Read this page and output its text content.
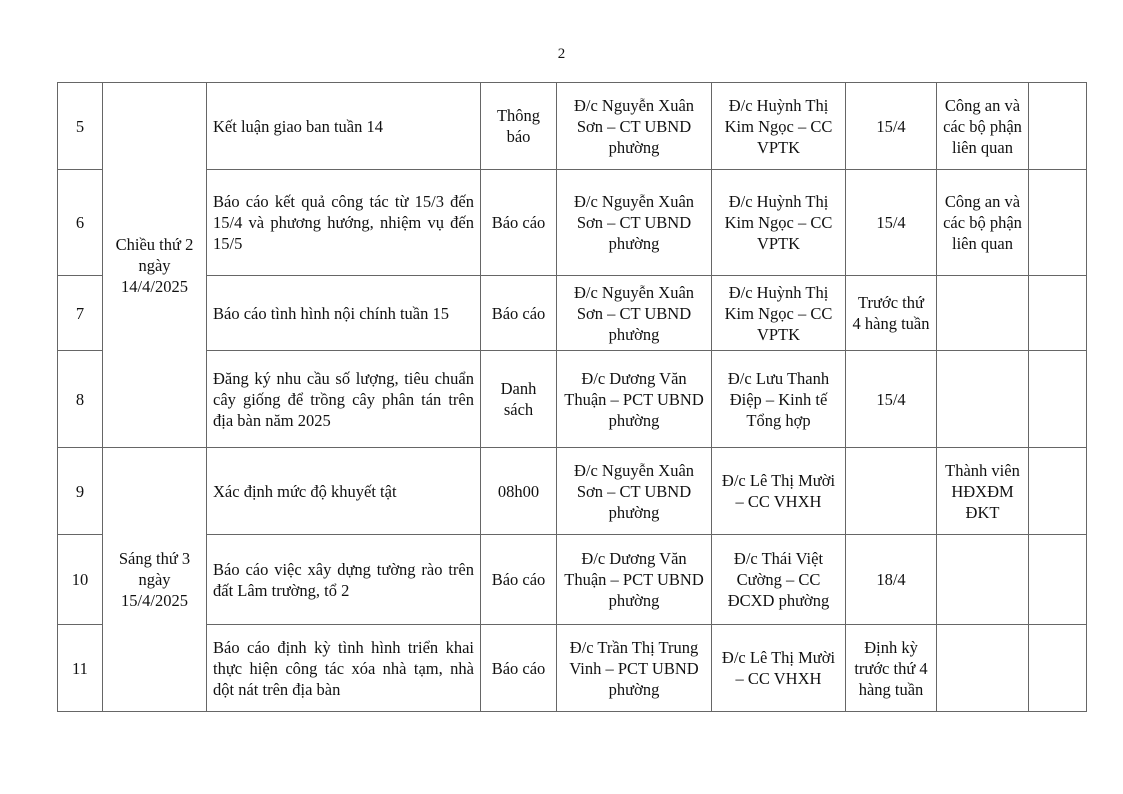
2
5	Chiều thứ 2 ngày 14/4/2025	Kết luận giao ban tuần 14	Thông báo	Đ/c Nguyễn Xuân Sơn – CT UBND phường	Đ/c Huỳnh Thị Kim Ngọc – CC VPTK	15/4	Công an và các bộ phận liên quan	
6		Báo cáo kết quả công tác từ 15/3 đến 15/4 và phương hướng, nhiệm vụ đến 15/5	Báo cáo	Đ/c Nguyễn Xuân Sơn – CT UBND phường	Đ/c Huỳnh Thị Kim Ngọc – CC VPTK	15/4	Công an và các bộ phận liên quan	
7		Báo cáo tình hình nội chính tuần 15	Báo cáo	Đ/c Nguyễn Xuân Sơn – CT UBND phường	Đ/c Huỳnh Thị Kim Ngọc – CC VPTK	Trước thứ 4 hàng tuần		
8		Đăng ký nhu cầu số lượng, tiêu chuẩn cây giống để trồng cây phân tán trên địa bàn năm 2025	Danh sách	Đ/c Dương Văn Thuận – PCT UBND phường	Đ/c Lưu Thanh Điệp – Kinh tế Tổng hợp	15/4		
9	Sáng thứ 3 ngày 15/4/2025	Xác định mức độ khuyết tật	08h00	Đ/c Nguyễn Xuân Sơn – CT UBND phường	Đ/c Lê Thị Mười – CC VHXH		Thành viên HĐXĐM ĐKT	
10		Báo cáo việc xây dựng tường rào trên đất Lâm trường, tổ 2	Báo cáo	Đ/c Dương Văn Thuận – PCT UBND phường	Đ/c Thái Việt Cường – CC ĐCXD phường	18/4		
11		Báo cáo định kỳ tình hình triển khai thực hiện công tác xóa nhà tạm, nhà dột nát trên địa bàn	Báo cáo	Đ/c Trần Thị Trung Vinh – PCT UBND phường	Đ/c Lê Thị Mười – CC VHXH	Định kỳ trước thứ 4 hàng tuần		
